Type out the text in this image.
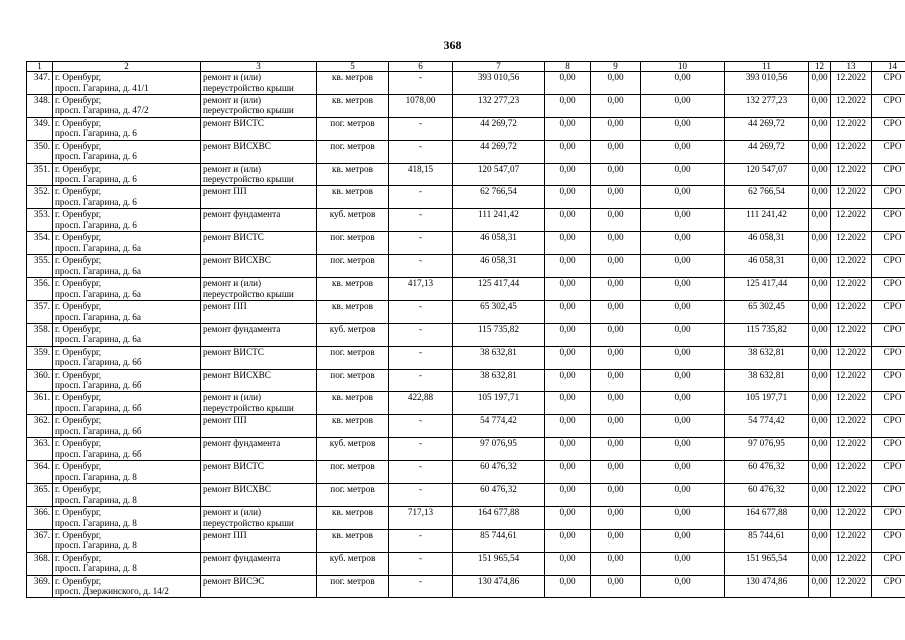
368
1	2	3	5	6	7	8	9	10	11	12	13	14
347.	г. Оренбург,
просп. Гагарина, д. 41/1	ремонт и (или)
переустройство крыши	кв. метров	-	393 010,56	0,00	0,00	0,00	393 010,56	0,00	12.2022	СРО
348.	г. Оренбург,
просп. Гагарина, д. 47/2	ремонт и (или)
переустройство крыши	кв. метров	1078,00	132 277,23	0,00	0,00	0,00	132 277,23	0,00	12.2022	СРО
349.	г. Оренбург,
просп. Гагарина, д. 6	ремонт ВИСТС	пог. метров	-	44 269,72	0,00	0,00	0,00	44 269,72	0,00	12.2022	СРО
350.	г. Оренбург,
просп. Гагарина, д. 6	ремонт ВИСХВС	пог. метров	-	44 269,72	0,00	0,00	0,00	44 269,72	0,00	12.2022	СРО
351.	г. Оренбург,
просп. Гагарина, д. 6	ремонт и (или)
переустройство крыши	кв. метров	418,15	120 547,07	0,00	0,00	0,00	120 547,07	0,00	12.2022	СРО
352.	г. Оренбург,
просп. Гагарина, д. 6	ремонт ПП	кв. метров	-	62 766,54	0,00	0,00	0,00	62 766,54	0,00	12.2022	СРО
353.	г. Оренбург,
просп. Гагарина, д. 6	ремонт фундамента	куб. метров	-	111 241,42	0,00	0,00	0,00	111 241,42	0,00	12.2022	СРО
354.	г. Оренбург,
просп. Гагарина, д. 6а	ремонт ВИСТС	пог. метров	-	46 058,31	0,00	0,00	0,00	46 058,31	0,00	12.2022	СРО
355.	г. Оренбург,
просп. Гагарина, д. 6а	ремонт ВИСХВС	пог. метров	-	46 058,31	0,00	0,00	0,00	46 058,31	0,00	12.2022	СРО
356.	г. Оренбург,
просп. Гагарина, д. 6а	ремонт и (или)
переустройство крыши	кв. метров	417,13	125 417,44	0,00	0,00	0,00	125 417,44	0,00	12.2022	СРО
357.	г. Оренбург,
просп. Гагарина, д. 6а	ремонт ПП	кв. метров	-	65 302,45	0,00	0,00	0,00	65 302,45	0,00	12.2022	СРО
358.	г. Оренбург,
просп. Гагарина, д. 6а	ремонт фундамента	куб. метров	-	115 735,82	0,00	0,00	0,00	115 735,82	0,00	12.2022	СРО
359.	г. Оренбург,
просп. Гагарина, д. 6б	ремонт ВИСТС	пог. метров	-	38 632,81	0,00	0,00	0,00	38 632,81	0,00	12.2022	СРО
360.	г. Оренбург,
просп. Гагарина, д. 6б	ремонт ВИСХВС	пог. метров	-	38 632,81	0,00	0,00	0,00	38 632,81	0,00	12.2022	СРО
361.	г. Оренбург,
просп. Гагарина, д. 6б	ремонт и (или)
переустройство крыши	кв. метров	422,88	105 197,71	0,00	0,00	0,00	105 197,71	0,00	12.2022	СРО
362.	г. Оренбург,
просп. Гагарина, д. 6б	ремонт ПП	кв. метров	-	54 774,42	0,00	0,00	0,00	54 774,42	0,00	12.2022	СРО
363.	г. Оренбург,
просп. Гагарина, д. 6б	ремонт фундамента	куб. метров	-	97 076,95	0,00	0,00	0,00	97 076,95	0,00	12.2022	СРО
364.	г. Оренбург,
просп. Гагарина, д. 8	ремонт ВИСТС	пог. метров	-	60 476,32	0,00	0,00	0,00	60 476,32	0,00	12.2022	СРО
365.	г. Оренбург,
просп. Гагарина, д. 8	ремонт ВИСХВС	пог. метров	-	60 476,32	0,00	0,00	0,00	60 476,32	0,00	12.2022	СРО
366.	г. Оренбург,
просп. Гагарина, д. 8	ремонт и (или)
переустройство крыши	кв. метров	717,13	164 677,88	0,00	0,00	0,00	164 677,88	0,00	12.2022	СРО
367.	г. Оренбург,
просп. Гагарина, д. 8	ремонт ПП	кв. метров	-	85 744,61	0,00	0,00	0,00	85 744,61	0,00	12.2022	СРО
368.	г. Оренбург,
просп. Гагарина, д. 8	ремонт фундамента	куб. метров	-	151 965,54	0,00	0,00	0,00	151 965,54	0,00	12.2022	СРО
369.	г. Оренбург,
просп. Дзержинского, д. 14/2	ремонт ВИСЭС	пог. метров	-	130 474,86	0,00	0,00	0,00	130 474,86	0,00	12.2022	СРО
